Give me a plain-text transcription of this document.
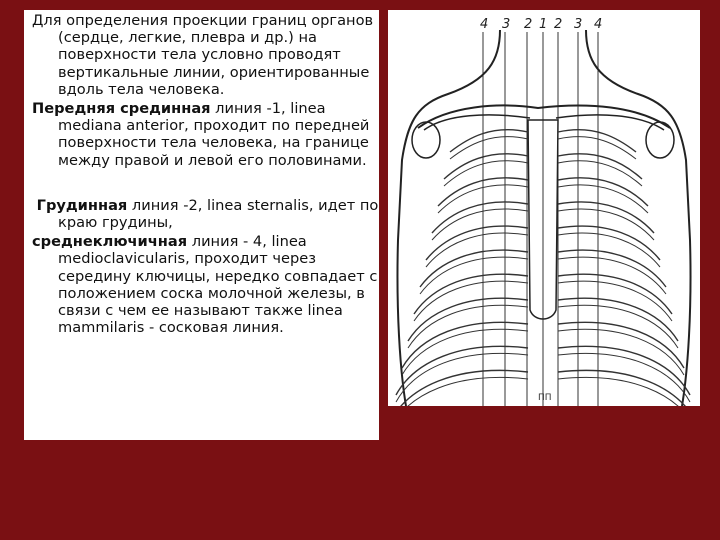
Для определения проекции границ органов (сердце, легкие, плевра и др.) на поверхности тела условно проводят вертикальные линии, ориентированные вдоль тела человека.

Передняя срединная линия -1, linea mediana anterior, проходит по передней поверхности тела человека, на границе между правой и левой его половинами.

Грудинная линия -2, linea sternalis, идет по краю грудины,

среднеключичная линия - 4, linea medioclavicularis, проходит через середину ключицы, нередко совпадает с положением соска молочной железы, в связи с чем ее называют также linea mammilaris - сосковая линия.

4 3 2 1 2 3 4
ПП
